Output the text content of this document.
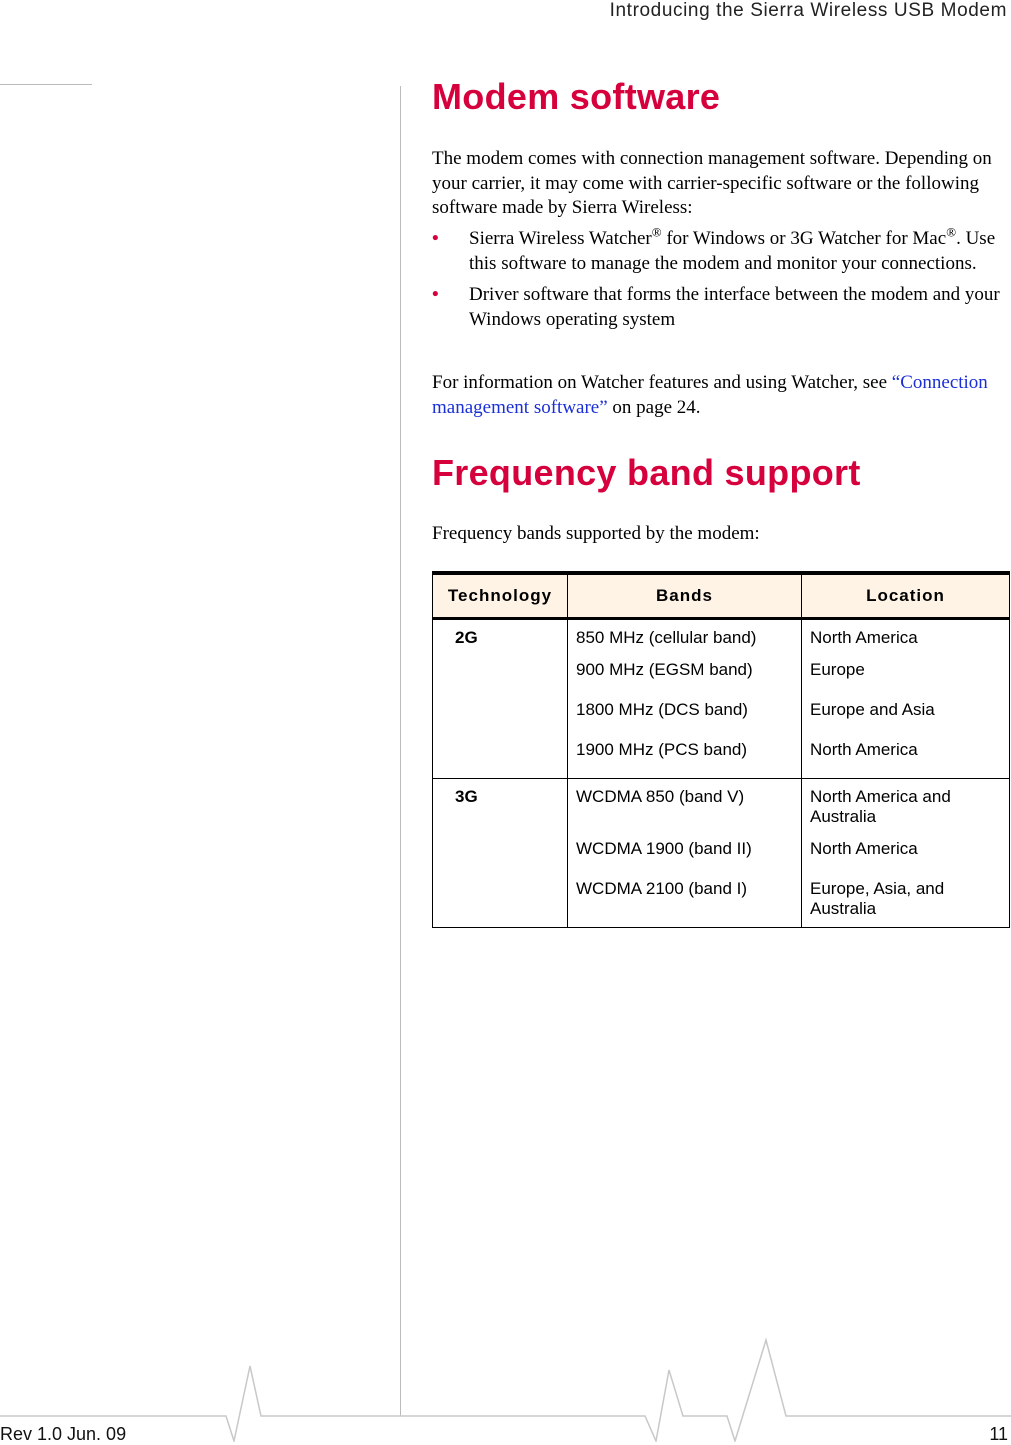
Introducing the Sierra Wireless USB Modem
Modem software

The modem comes with connection management software. Depending on your carrier, it may come with carrier-specific software or the following software made by Sierra Wireless:

• Sierra Wireless Watcher® for Windows or 3G Watcher for Mac®. Use this software to manage the modem and monitor your connections.
• Driver software that forms the interface between the modem and your Windows operating system

For information on Watcher features and using Watcher, see “Connection management software” on page 24.

Frequency band support

Frequency bands supported by the modem:

Technology	Bands	Location
2G	850 MHz (cellular band)	North America
	900 MHz (EGSM band)	Europe
	1800 MHz (DCS band)	Europe and Asia
	1900 MHz (PCS band)	North America
3G	WCDMA 850 (band V)	North America and Australia
	WCDMA 1900 (band II)	North America
	WCDMA 2100 (band I)	Europe, Asia, and Australia
Rev 1.0 Jun. 09	11
